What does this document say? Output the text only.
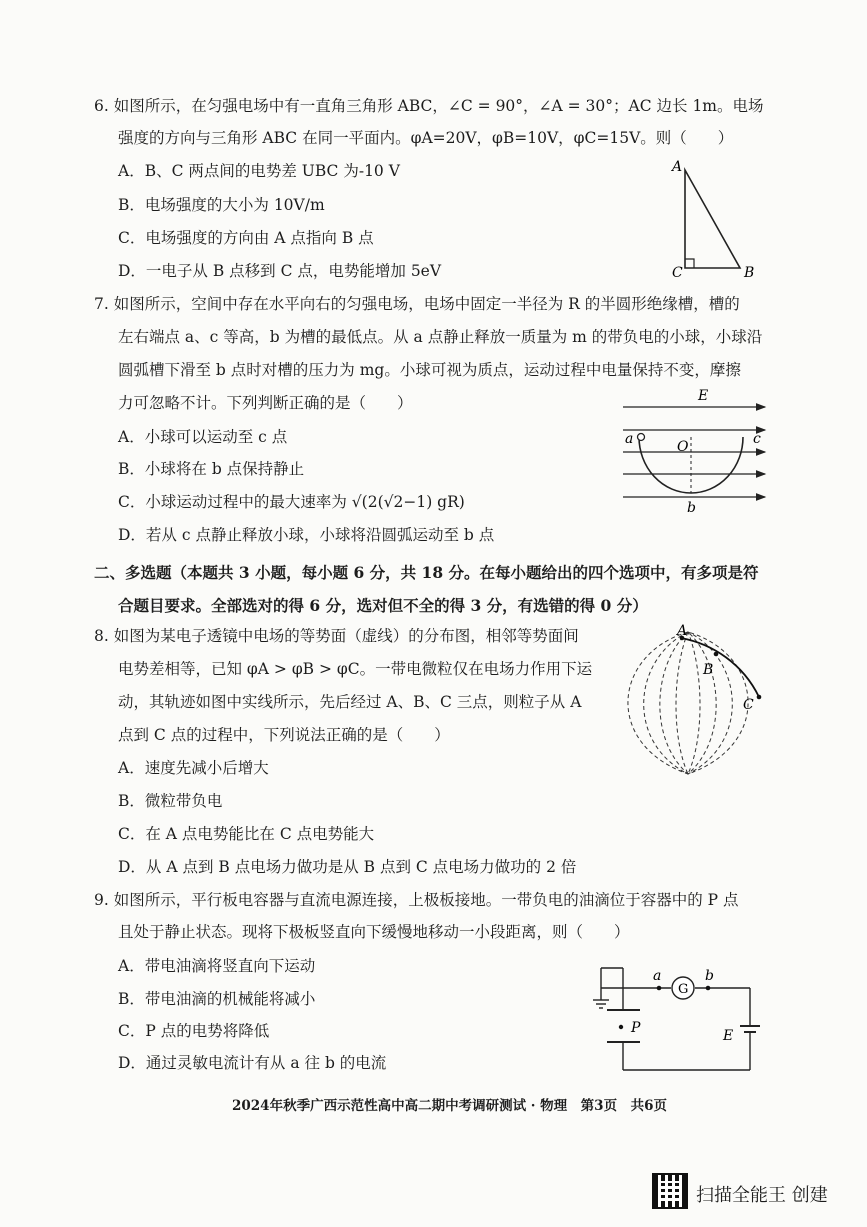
6. 如图所示，在匀强电场中有一直角三角形 ABC，∠C = 90°，∠A = 30°；AC 边长 1m。电场
强度的方向与三角形 ABC 在同一平面内。φA=20V，φB=10V，φC=15V。则（　　）
A．B、C 两点间的电势差 UBC 为-10 V
B．电场强度的大小为 10V/m
C．电场强度的方向由 A 点指向 B 点
D．一电子从 B 点移到 C 点，电势能增加 5eV
A
C	B
7. 如图所示，空间中存在水平向右的匀强电场，电场中固定一半径为 R 的半圆形绝缘槽，槽的
左右端点 a、c 等高，b 为槽的最低点。从 a 点静止释放一质量为 m 的带负电的小球，小球沿
圆弧槽下滑至 b 点时对槽的压力为 mg。小球可视为质点，运动过程中电量保持不变，摩擦
力可忽略不计。下列判断正确的是（　　）
A．小球可以运动至 c 点
B．小球将在 b 点保持静止
C．小球运动过程中的最大速率为 √(2(√2−1) gR)
D．若从 c 点静止释放小球，小球将沿圆弧运动至 b 点
E
a	O	c
b
二、多选题（本题共 3 小题，每小题 6 分，共 18 分。在每小题给出的四个选项中，有多项是符
合题目要求。全部选对的得 6 分，选对但不全的得 3 分，有选错的得 0 分）
8. 如图为某电子透镜中电场的等势面（虚线）的分布图，相邻等势面间
电势差相等，已知 φA > φB > φC。一带电微粒仅在电场力作用下运
动，其轨迹如图中实线所示，先后经过 A、B、C 三点，则粒子从 A
点到 C 点的过程中，下列说法正确的是（　　）
A．速度先减小后增大
B．微粒带负电
C．在 A 点电势能比在 C 点电势能大
D．从 A 点到 B 点电场力做功是从 B 点到 C 点电场力做功的 2 倍
A
B
C
9. 如图所示，平行板电容器与直流电源连接，上极板接地。一带负电的油滴位于容器中的 P 点
且处于静止状态。现将下极板竖直向下缓慢地移动一小段距离，则（　　）
A．带电油滴将竖直向下运动
B．带电油滴的机械能将减小
C．P 点的电势将降低
D．通过灵敏电流计有从 a 往 b 的电流
G
a	b
P	E
2024年秋季广西示范性高中高二期中考调研测试 · 物理　第3页　共6页
扫描全能王 创建
